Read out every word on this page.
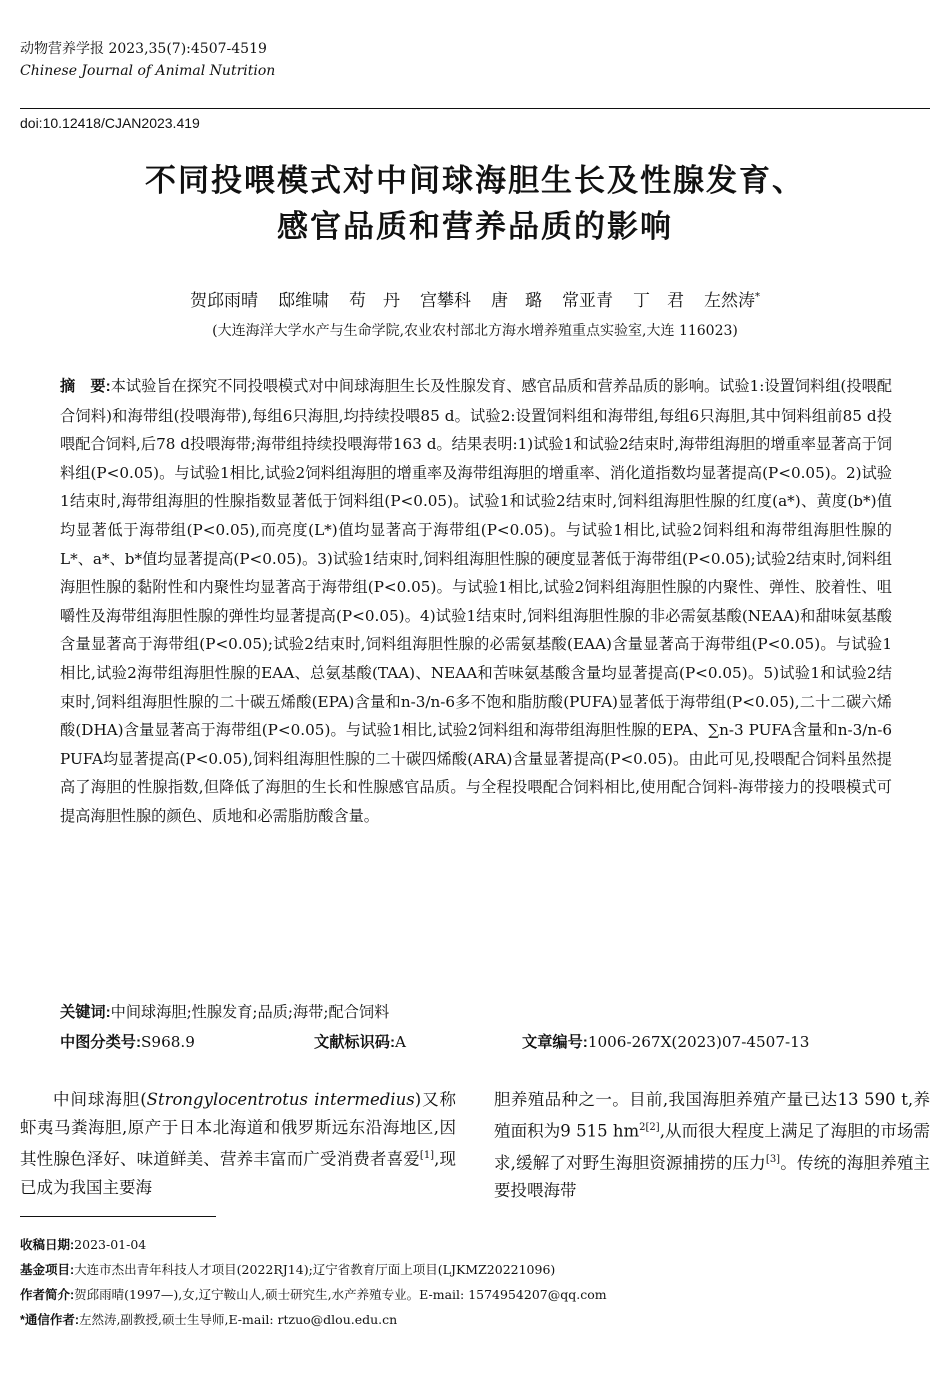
动物营养学报 2023,35(7):4507-4519
Chinese Journal of Animal Nutrition
doi:10.12418/CJAN2023.419
不同投喂模式对中间球海胆生长及性腺发育、
感官品质和营养品质的影响
贺邱雨晴 邸维啸 苟　丹 宫攀科 唐　璐 常亚青 丁　君 左然涛*
(大连海洋大学水产与生命学院,农业农村部北方海水增养殖重点实验室,大连 116023)
摘　要:本试验旨在探究不同投喂模式对中间球海胆生长及性腺发育、感官品质和营养品质的影响。试验1:设置饲料组(投喂配合饲料)和海带组(投喂海带),每组6只海胆,均持续投喂85 d。试验2:设置饲料组和海带组,每组6只海胆,其中饲料组前85 d投喂配合饲料,后78 d投喂海带;海带组持续投喂海带163 d。结果表明:1)试验1和试验2结束时,海带组海胆的增重率显著高于饲料组(P<0.05)。与试验1相比,试验2饲料组海胆的增重率及海带组海胆的增重率、消化道指数均显著提高(P<0.05)。2)试验1结束时,海带组海胆的性腺指数显著低于饲料组(P<0.05)。试验1和试验2结束时,饲料组海胆性腺的红度(a*)、黄度(b*)值均显著低于海带组(P<0.05),而亮度(L*)值均显著高于海带组(P<0.05)。与试验1相比,试验2饲料组和海带组海胆性腺的L*、a*、b*值均显著提高(P<0.05)。3)试验1结束时,饲料组海胆性腺的硬度显著低于海带组(P<0.05);试验2结束时,饲料组海胆性腺的黏附性和内聚性均显著高于海带组(P<0.05)。与试验1相比,试验2饲料组海胆性腺的内聚性、弹性、胶着性、咀嚼性及海带组海胆性腺的弹性均显著提高(P<0.05)。4)试验1结束时,饲料组海胆性腺的非必需氨基酸(NEAA)和甜味氨基酸含量显著高于海带组(P<0.05);试验2结束时,饲料组海胆性腺的必需氨基酸(EAA)含量显著高于海带组(P<0.05)。与试验1相比,试验2海带组海胆性腺的EAA、总氨基酸(TAA)、NEAA和苦味氨基酸含量均显著提高(P<0.05)。5)试验1和试验2结束时,饲料组海胆性腺的二十碳五烯酸(EPA)含量和n-3/n-6多不饱和脂肪酸(PUFA)显著低于海带组(P<0.05),二十二碳六烯酸(DHA)含量显著高于海带组(P<0.05)。与试验1相比,试验2饲料组和海带组海胆性腺的EPA、∑n-3 PUFA含量和n-3/n-6 PUFA均显著提高(P<0.05),饲料组海胆性腺的二十碳四烯酸(ARA)含量显著提高(P<0.05)。由此可见,投喂配合饲料虽然提高了海胆的性腺指数,但降低了海胆的生长和性腺感官品质。与全程投喂配合饲料相比,使用配合饲料-海带接力的投喂模式可提高海胆性腺的颜色、质地和必需脂肪酸含量。
关键词:中间球海胆;性腺发育;品质;海带;配合饲料
中图分类号:S968.9	文献标识码:A	文章编号:1006-267X(2023)07-4507-13
中间球海胆(Strongylocentrotus intermedius)又称虾夷马粪海胆,原产于日本北海道和俄罗斯远东沿海地区,因其性腺色泽好、味道鲜美、营养丰富而广受消费者喜爱[1],现已成为我国主要海
胆养殖品种之一。目前,我国海胆养殖产量已达13 590 t,养殖面积为9 515 $hm^{2[2]}$,从而很大程度上满足了海胆的市场需求,缓解了对野生海胆资源捕捞的压力[3]。传统的海胆养殖主要投喂海带
收稿日期:2023-01-04
基金项目:大连市杰出青年科技人才项目(2022RJ14);辽宁省教育厅面上项目(LJKMZ20221096)
作者简介:贺邱雨晴(1997—),女,辽宁鞍山人,硕士研究生,水产养殖专业。E-mail: 1574954207@qq.com
*通信作者:左然涛,副教授,硕士生导师,E-mail: rtzuo@dlou.edu.cn
